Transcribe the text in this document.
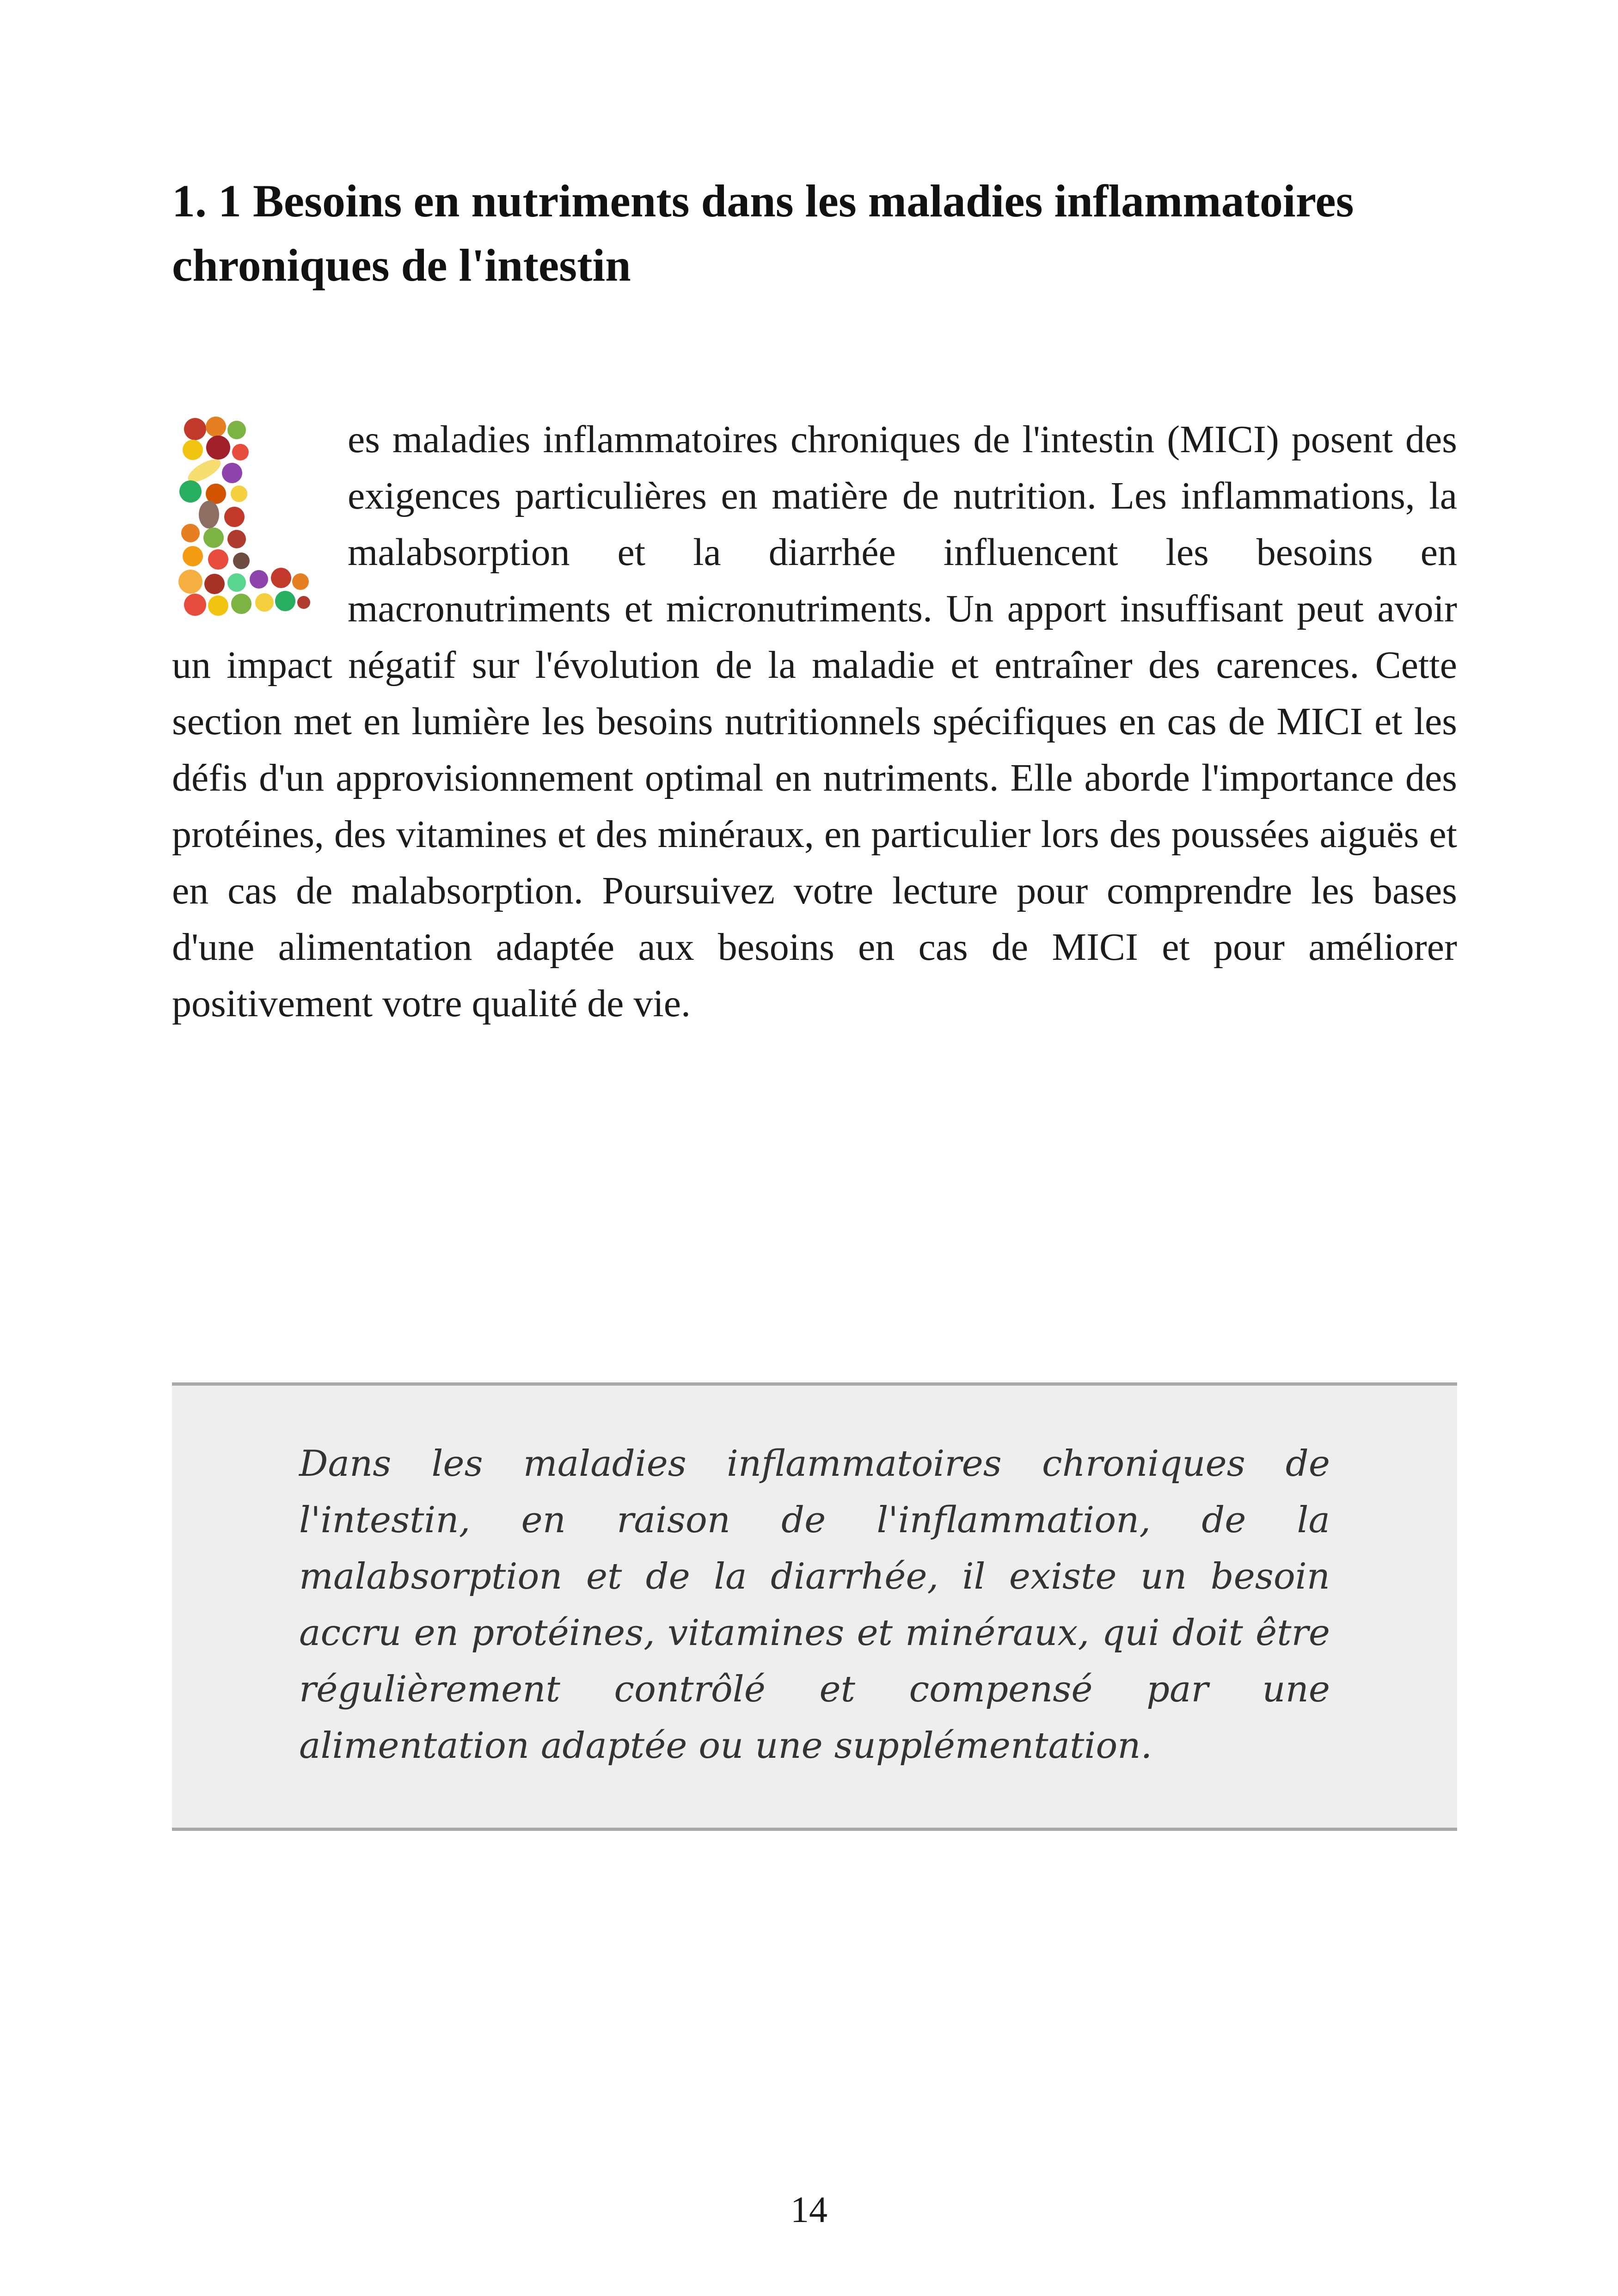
1. 1 Besoins en nutriments dans les maladies inflammatoires chroniques de l'intestin
es maladies inflammatoires chroniques de l'intestin (MICI) posent des exigences particulières en matière de nutrition. Les inflammations, la malabsorption et la diarrhée influencent les besoins en macronutriments et micronutriments. Un apport insuffisant peut avoir un impact négatif sur l'évolution de la maladie et entraîner des carences. Cette section met en lumière les besoins nutritionnels spécifiques en cas de MICI et les défis d'un approvisionnement optimal en nutriments. Elle aborde l'importance des protéines, des vitamines et des minéraux, en particulier lors des poussées aiguës et en cas de malabsorption. Poursuivez votre lecture pour comprendre les bases d'une alimentation adaptée aux besoins en cas de MICI et pour améliorer positivement votre qualité de vie.

Dans les maladies inflammatoires chroniques de l'intestin, en raison de l'inflammation, de la malabsorption et de la diarrhée, il existe un besoin accru en protéines, vitamines et minéraux, qui doit être régulièrement contrôlé et compensé par une alimentation adaptée ou une supplémentation.

14
